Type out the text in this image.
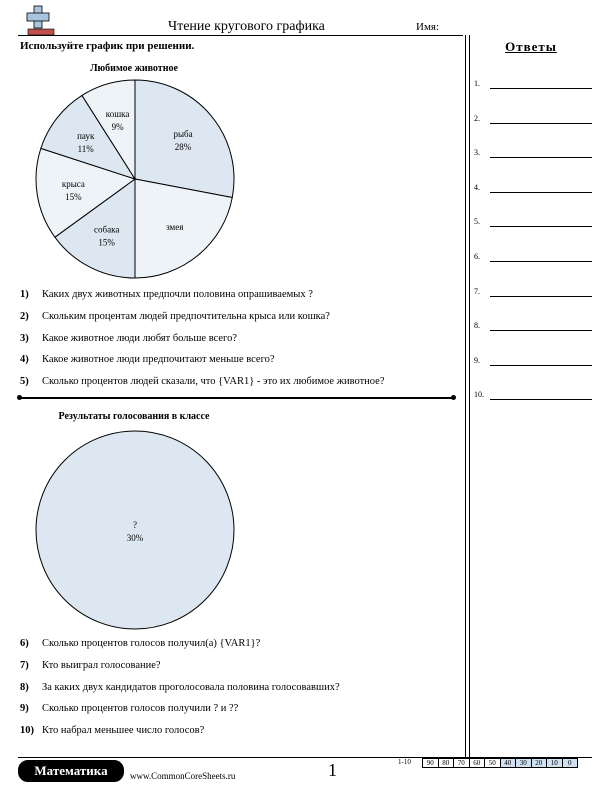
Чтение кругового графика	Имя:
Используйте график при решении.	Ответы
1.
2.
3.
4.
5.
6.
7.
8.
9.
10.
Любимое животное
рыба
28%
змея
собака
15%
крыса
15%
паук
11%
кошка
9%
1)	Каких двух животных предпочли половина опрашиваемых ?
2)	Скольким процентам людей предпочтительна крыса или кошка?
3)	Какое животное люди любят больше всего?
4)	Какое животное люди предпочитают меньше всего?
5)	Сколько процентов людей сказали, что {VAR1} - это их любимое животное?
Результаты голосования в классе
?
30%
6)	Сколько процентов голосов получил(а) {VAR1}?
7)	Кто выиграл голосование?
8)	За каких двух кандидатов проголосовала половина голосовавших?
9)	Сколько процентов голосов получили ? и ??
10) Кто набрал меньшее число голосов?
Математика	www.CommonCoreSheets.ru	1	1-10	90	80	70	60	50	40	30	20	10	0
